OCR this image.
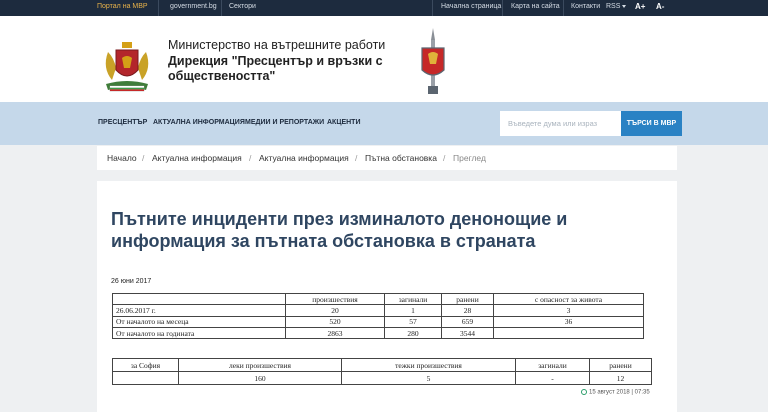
Портал на МВР	government.bg Сектори	Начална страница Карта на сайта Контакти RSS	A+ A-
Министерство на вътрешните работи
Дирекция "Пресцентър и връзки с обществеността"
ПРЕСЦЕНТЪР АКТУАЛНА ИНФОРМАЦИЯ МЕДИИ И РЕПОРТАЖИ АКЦЕНТИ
Въведете дума или израз	ТЪРСИ В МВР
Начало / Актуална информация / Актуална информация / Пътна обстановка / Преглед
Пътните инциденти през изминалото денонощие и информация за пътната обстановка в страната
26 юни 2017
	произшествия	загинали	ранени	с опасност за живота
26.06.2017 г.	20	1	28	3
От началото на месеца	520	57	659	36
От началото на годината	2863	280	3544	
за София	леки произшествия	тежки произшествия	загинали	ранени
	160	5	-	12
15 август 2018 | 07:35
